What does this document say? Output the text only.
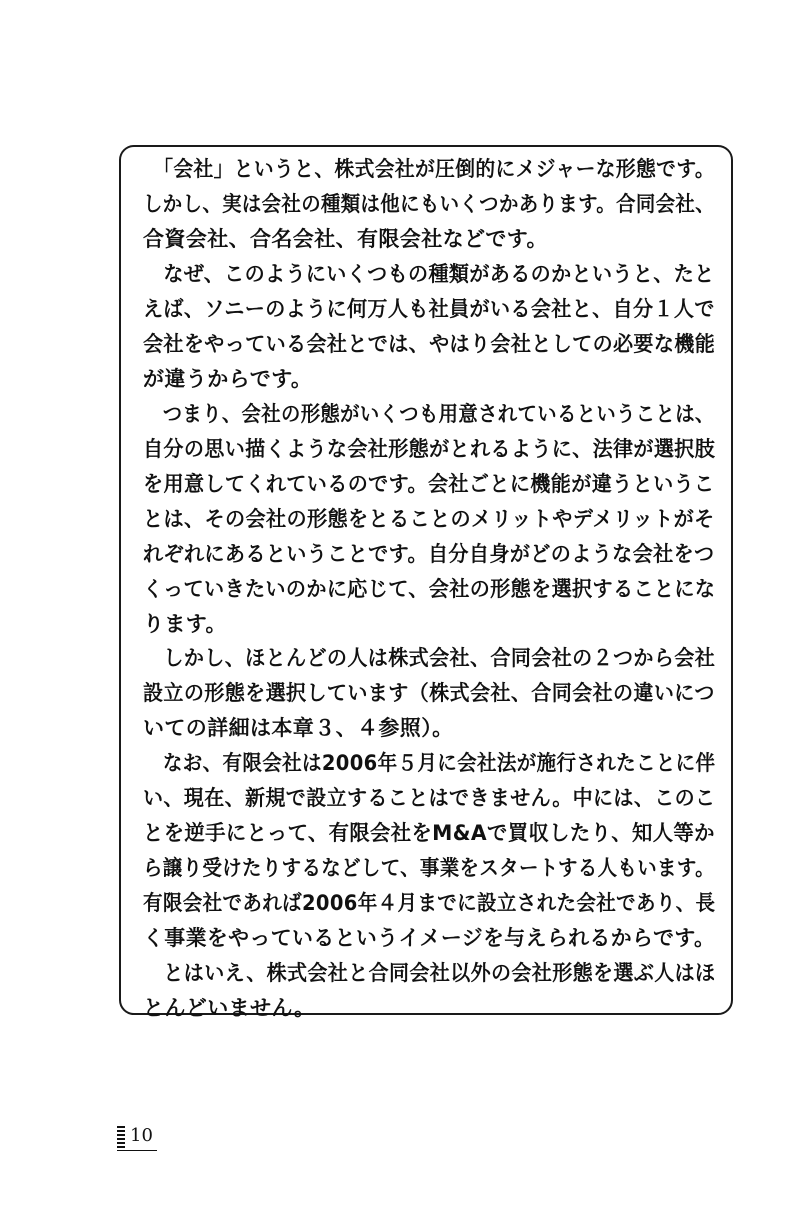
　「会社」というと、株式会社が圧倒的にメジャーな形態です。
しかし、実は会社の種類は他にもいくつかあります。合同会社、
合資会社、合名会社、有限会社などです。
　なぜ、このようにいくつもの種類があるのかというと、たと
えば、ソニーのように何万人も社員がいる会社と、自分１人で
会社をやっている会社とでは、やはり会社としての必要な機能
が違うからです。
　つまり、会社の形態がいくつも用意されているということは、
自分の思い描くような会社形態がとれるように、法律が選択肢
を用意してくれているのです。会社ごとに機能が違うというこ
とは、その会社の形態をとることのメリットやデメリットがそ
れぞれにあるということです。自分自身がどのような会社をつ
くっていきたいのかに応じて、会社の形態を選択することにな
ります。
　しかし、ほとんどの人は株式会社、合同会社の２つから会社
設立の形態を選択しています（株式会社、合同会社の違いにつ
いての詳細は本章３、４参照）。
　なお、有限会社は2006年５月に会社法が施行されたことに伴
い、現在、新規で設立することはできません。中には、このこ
とを逆手にとって、有限会社をM&Aで買収したり、知人等か
ら譲り受けたりするなどして、事業をスタートする人もいます。
有限会社であれば2006年４月までに設立された会社であり、長
く事業をやっているというイメージを与えられるからです。
　とはいえ、株式会社と合同会社以外の会社形態を選ぶ人はほ
とんどいません。
10
